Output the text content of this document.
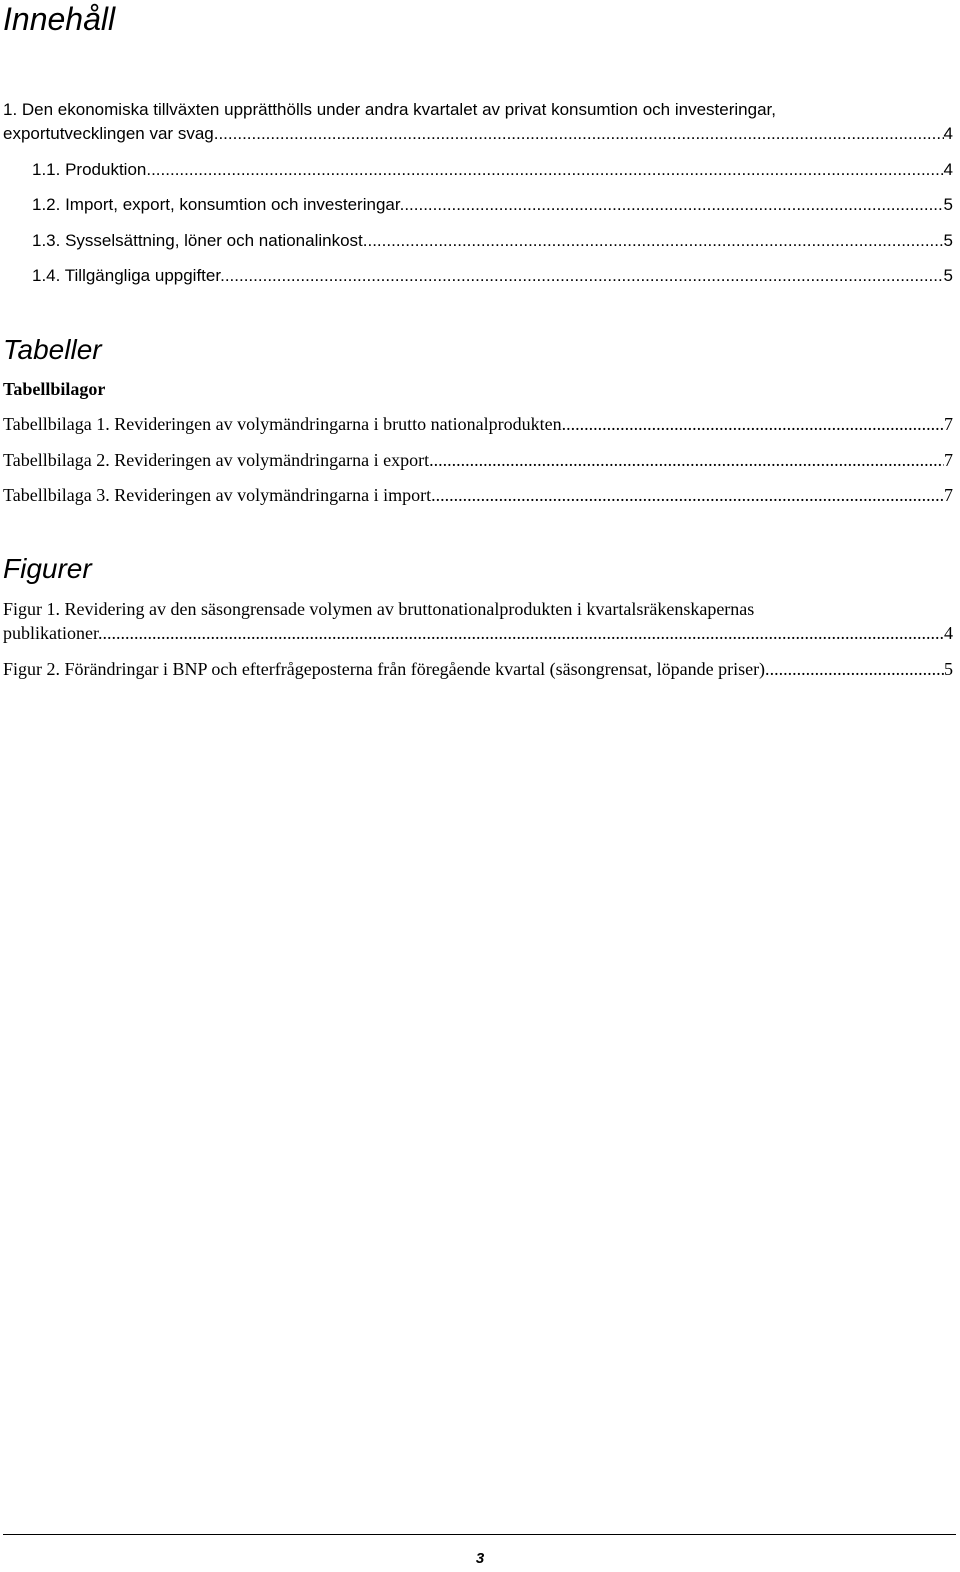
Innehåll
1. Den ekonomiska tillväxten upprätthölls under andra kvartalet av privat konsumtion och investeringar,
exportutvecklingen var svag. .....	4
1.1. Produktion. .....	4
1.2. Import, export, konsumtion och investeringar. .....	5
1.3. Sysselsättning, löner och nationalinkost. .....	5
1.4. Tillgängliga uppgifter. .....	5
Tabeller
Tabellbilagor
Tabellbilaga 1. Revideringen av volymändringarna i brutto nationalprodukten. .....	7
Tabellbilaga 2. Revideringen av volymändringarna i export. .....	7
Tabellbilaga 3. Revideringen av volymändringarna i import. .....	7
Figurer
Figur 1. Revidering av den säsongrensade volymen av bruttonationalprodukten i kvartalsräkenskapernas
publikationer. .....	4
Figur 2. Förändringar i BNP och efterfrågeposterna från föregående kvartal (säsongrensat, löpande priser). .....	5
3
